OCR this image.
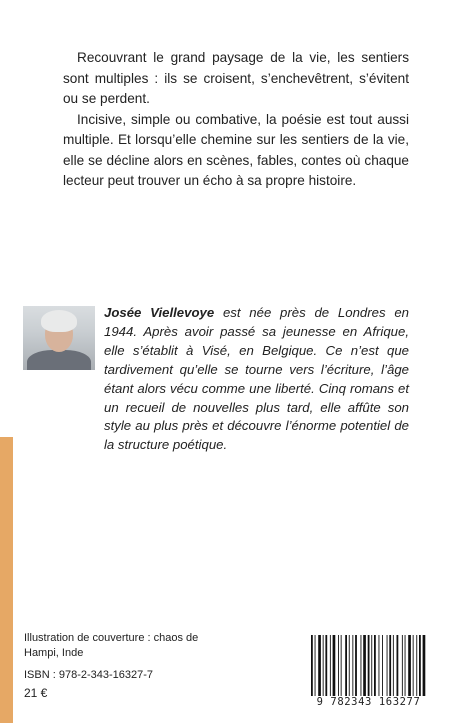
Recouvrant le grand paysage de la vie, les sentiers sont multiples : ils se croisent, s’enchevêtrent, s’évitent ou se perdent.

Incisive, simple ou combative, la poésie est tout aussi multiple. Et lorsqu’elle chemine sur les sentiers de la vie, elle se décline alors en scènes, fables, contes où chaque lecteur peut trouver un écho à sa propre histoire.

Josée Viellevoye est née près de Londres en 1944. Après avoir passé sa jeunesse en Afrique, elle s’établit à Visé, en Belgique. Ce n’est que tardivement qu’elle se tourne vers l’écriture, l’âge étant alors vécu comme une liberté. Cinq romans et un recueil de nouvelles plus tard, elle affûte son style au plus près et découvre l’énorme potentiel de la structure poétique.
Illustration de couverture : chaos de Hampi, Inde
ISBN : 978-2-343-16327-7
21 €
9 782343 163277
